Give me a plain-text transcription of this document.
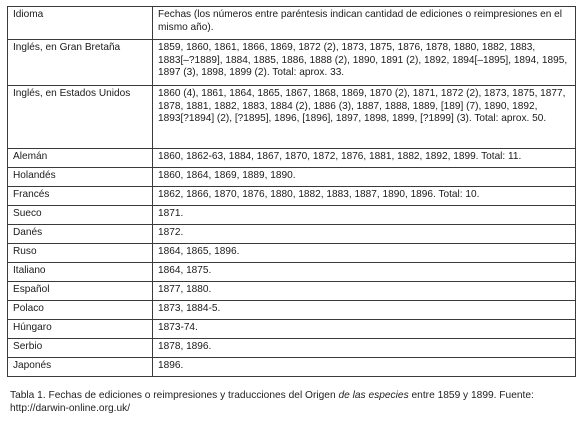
Idioma	Fechas (los números entre paréntesis indican cantidad de ediciones o reimpresiones en el mismo año).
Inglés, en Gran Bretaña	1859, 1860, 1861, 1866, 1869, 1872 (2), 1873, 1875, 1876, 1878, 1880, 1882, 1883, 1883[–?1889], 1884, 1885, 1886, 1888 (2), 1890, 1891 (2), 1892, 1894[–1895], 1894, 1895, 1897 (3), 1898, 1899 (2). Total: aprox. 33.
Inglés, en Estados Unidos	1860 (4), 1861, 1864, 1865, 1867, 1868, 1869, 1870 (2), 1871, 1872 (2), 1873, 1875, 1877, 1878, 1881, 1882, 1883, 1884 (2), 1886 (3), 1887, 1888, 1889, [189] (7), 1890, 1892, 1893[?1894] (2), [?1895], 1896, [1896], 1897, 1898, 1899, [?1899] (3). Total: aprox. 50.
Alemán	1860, 1862-63, 1884, 1867, 1870, 1872, 1876, 1881, 1882, 1892, 1899. Total: 11.
Holandés	1860, 1864, 1869, 1889, 1890.
Francés	1862, 1866, 1870, 1876, 1880, 1882, 1883, 1887, 1890, 1896. Total: 10.
Sueco	1871.
Danés	1872.
Ruso	1864, 1865, 1896.
Italiano	1864, 1875.
Español	1877, 1880.
Polaco	1873, 1884-5.
Húngaro	1873-74.
Serbio	1878, 1896.
Japonés	1896.
Tabla 1. Fechas de ediciones o reimpresiones y traducciones del Origen de las especies entre 1859 y 1899. Fuente: http://darwin-online.org.uk/
